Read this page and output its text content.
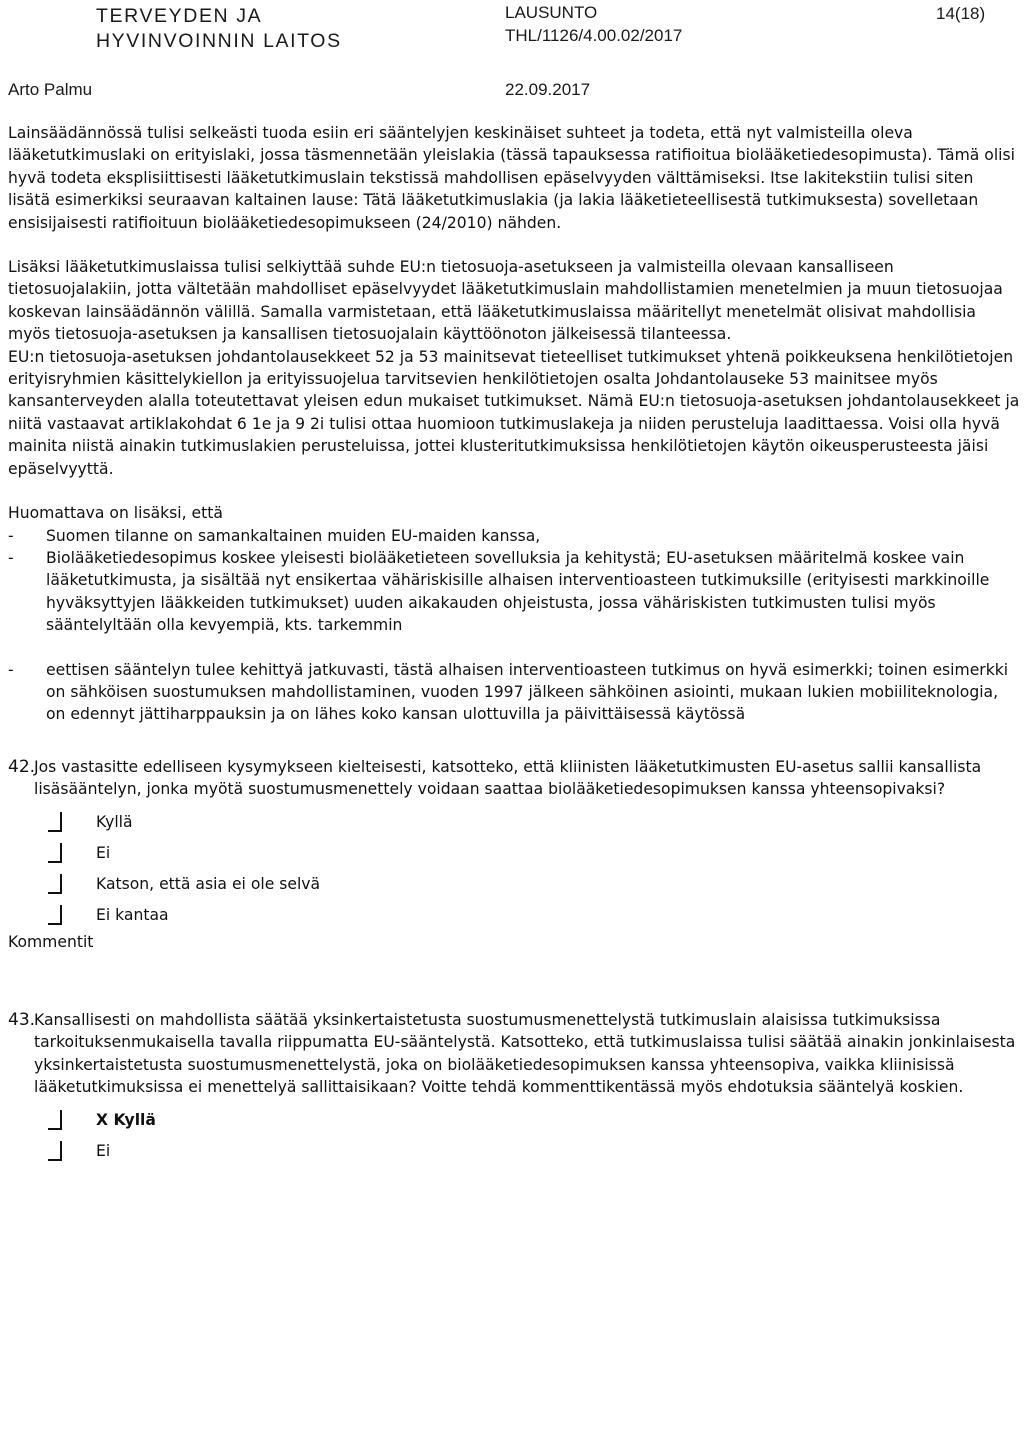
TERVEYDEN JA
HYVINVOINNIN LAITOS
LAUSUNTO
THL/1126/4.00.02/2017
14(18)
Arto Palmu	22.09.2017

Lainsäädännössä tulisi selkeästi tuoda esiin eri sääntelyjen keskinäiset suhteet ja todeta, että nyt valmisteilla oleva lääketutkimuslaki on erityislaki, jossa täsmennetään yleislakia (tässä tapauksessa ratifioitua biolääketiedesopimusta). Tämä olisi hyvä todeta eksplisiittisesti lääketutkimuslain tekstissä mahdollisen epäselvyyden välttämiseksi. Itse lakitekstiin tulisi siten lisätä esimerkiksi seuraavan kaltainen lause: Tätä lääketutkimuslakia (ja lakia lääketieteellisestä tutkimuksesta) sovelletaan ensisijaisesti ratifioituun biolääketiedesopimukseen (24/2010) nähden.

Lisäksi lääketutkimuslaissa tulisi selkiyttää suhde EU:n tietosuoja-asetukseen ja valmisteilla olevaan kansalliseen tietosuojalakiin, jotta vältetään mahdolliset epäselvyydet lääketutkimuslain mahdollistamien menetelmien ja muun tietosuojaa koskevan lainsäädännön välillä. Samalla varmistetaan, että lääketutkimuslaissa määritellyt menetelmät olisivat mahdollisia myös tietosuoja-asetuksen ja kansallisen tietosuojalain käyttöönoton jälkeisessä tilanteessa.

EU:n tietosuoja-asetuksen johdantolausekkeet 52 ja 53 mainitsevat tieteelliset tutkimukset yhtenä poikkeuksena henkilötietojen erityisryhmien käsittelykiellon ja erityissuojelua tarvitsevien henkilötietojen osalta Johdantolauseke 53 mainitsee myös kansanterveyden alalla toteutettavat yleisen edun mukaiset tutkimukset. Nämä EU:n tietosuoja-asetuksen johdantolausekkeet ja niitä vastaavat artiklakohdat 6 1e ja 9 2i tulisi ottaa huomioon tutkimuslakeja ja niiden perusteluja laadittaessa. Voisi olla hyvä mainita niistä ainakin tutkimuslakien perusteluissa, jottei klusteritutkimuksissa henkilötietojen käytön oikeusperusteesta jäisi epäselvyyttä.

Huomattava on lisäksi, että

- Suomen tilanne on samankaltainen muiden EU-maiden kanssa,
- Biolääketiedesopimus koskee yleisesti biolääketieteen sovelluksia ja kehitystä; EU-asetuksen määritelmä koskee vain lääketutkimusta, ja sisältää nyt ensikertaa vähäriskisille alhaisen interventioasteen tutkimuksille (erityisesti markkinoille hyväksyttyjen lääkkeiden tutkimukset) uuden aikakauden ohjeistusta, jossa vähäriskisten tutkimusten tulisi myös sääntelyltään olla kevyempiä, kts. tarkemmin
- eettisen sääntelyn tulee kehittyä jatkuvasti, tästä alhaisen interventioasteen tutkimus on hyvä esimerkki; toinen esimerkki on sähköisen suostumuksen mahdollistaminen, vuoden 1997 jälkeen sähköinen asiointi, mukaan lukien mobiiliteknologia, on edennyt jättiharppauksin ja on lähes koko kansan ulottuvilla ja päivittäisessä käytössä
42.
Jos vastasitte edelliseen kysymykseen kielteisesti, katsotteko, että kliinisten lääketutkimusten EU-asetus sallii kansallista lisäsääntelyn, jonka myötä suostumusmenettely voidaan saattaa biolääketiedesopimuksen kanssa yhteensopivaksi?
Kyllä
Ei
Katson, että asia ei ole selvä
Ei kantaa
Kommentit
43.
Kansallisesti on mahdollista säätää yksinkertaistetusta suostumusmenettelystä tutkimuslain alaisissa tutkimuksissa tarkoituksenmukaisella tavalla riippumatta EU-sääntelystä. Katsotteko, että tutkimuslaissa tulisi säätää ainakin jonkinlaisesta yksinkertaistetusta suostumusmenettelystä, joka on biolääketiedesopimuksen kanssa yhteensopiva, vaikka kliinisissä lääketutkimuksissa ei menettelyä sallittaisikaan? Voitte tehdä kommenttikentässä myös ehdotuksia sääntelyä koskien.
X Kyllä
Ei
